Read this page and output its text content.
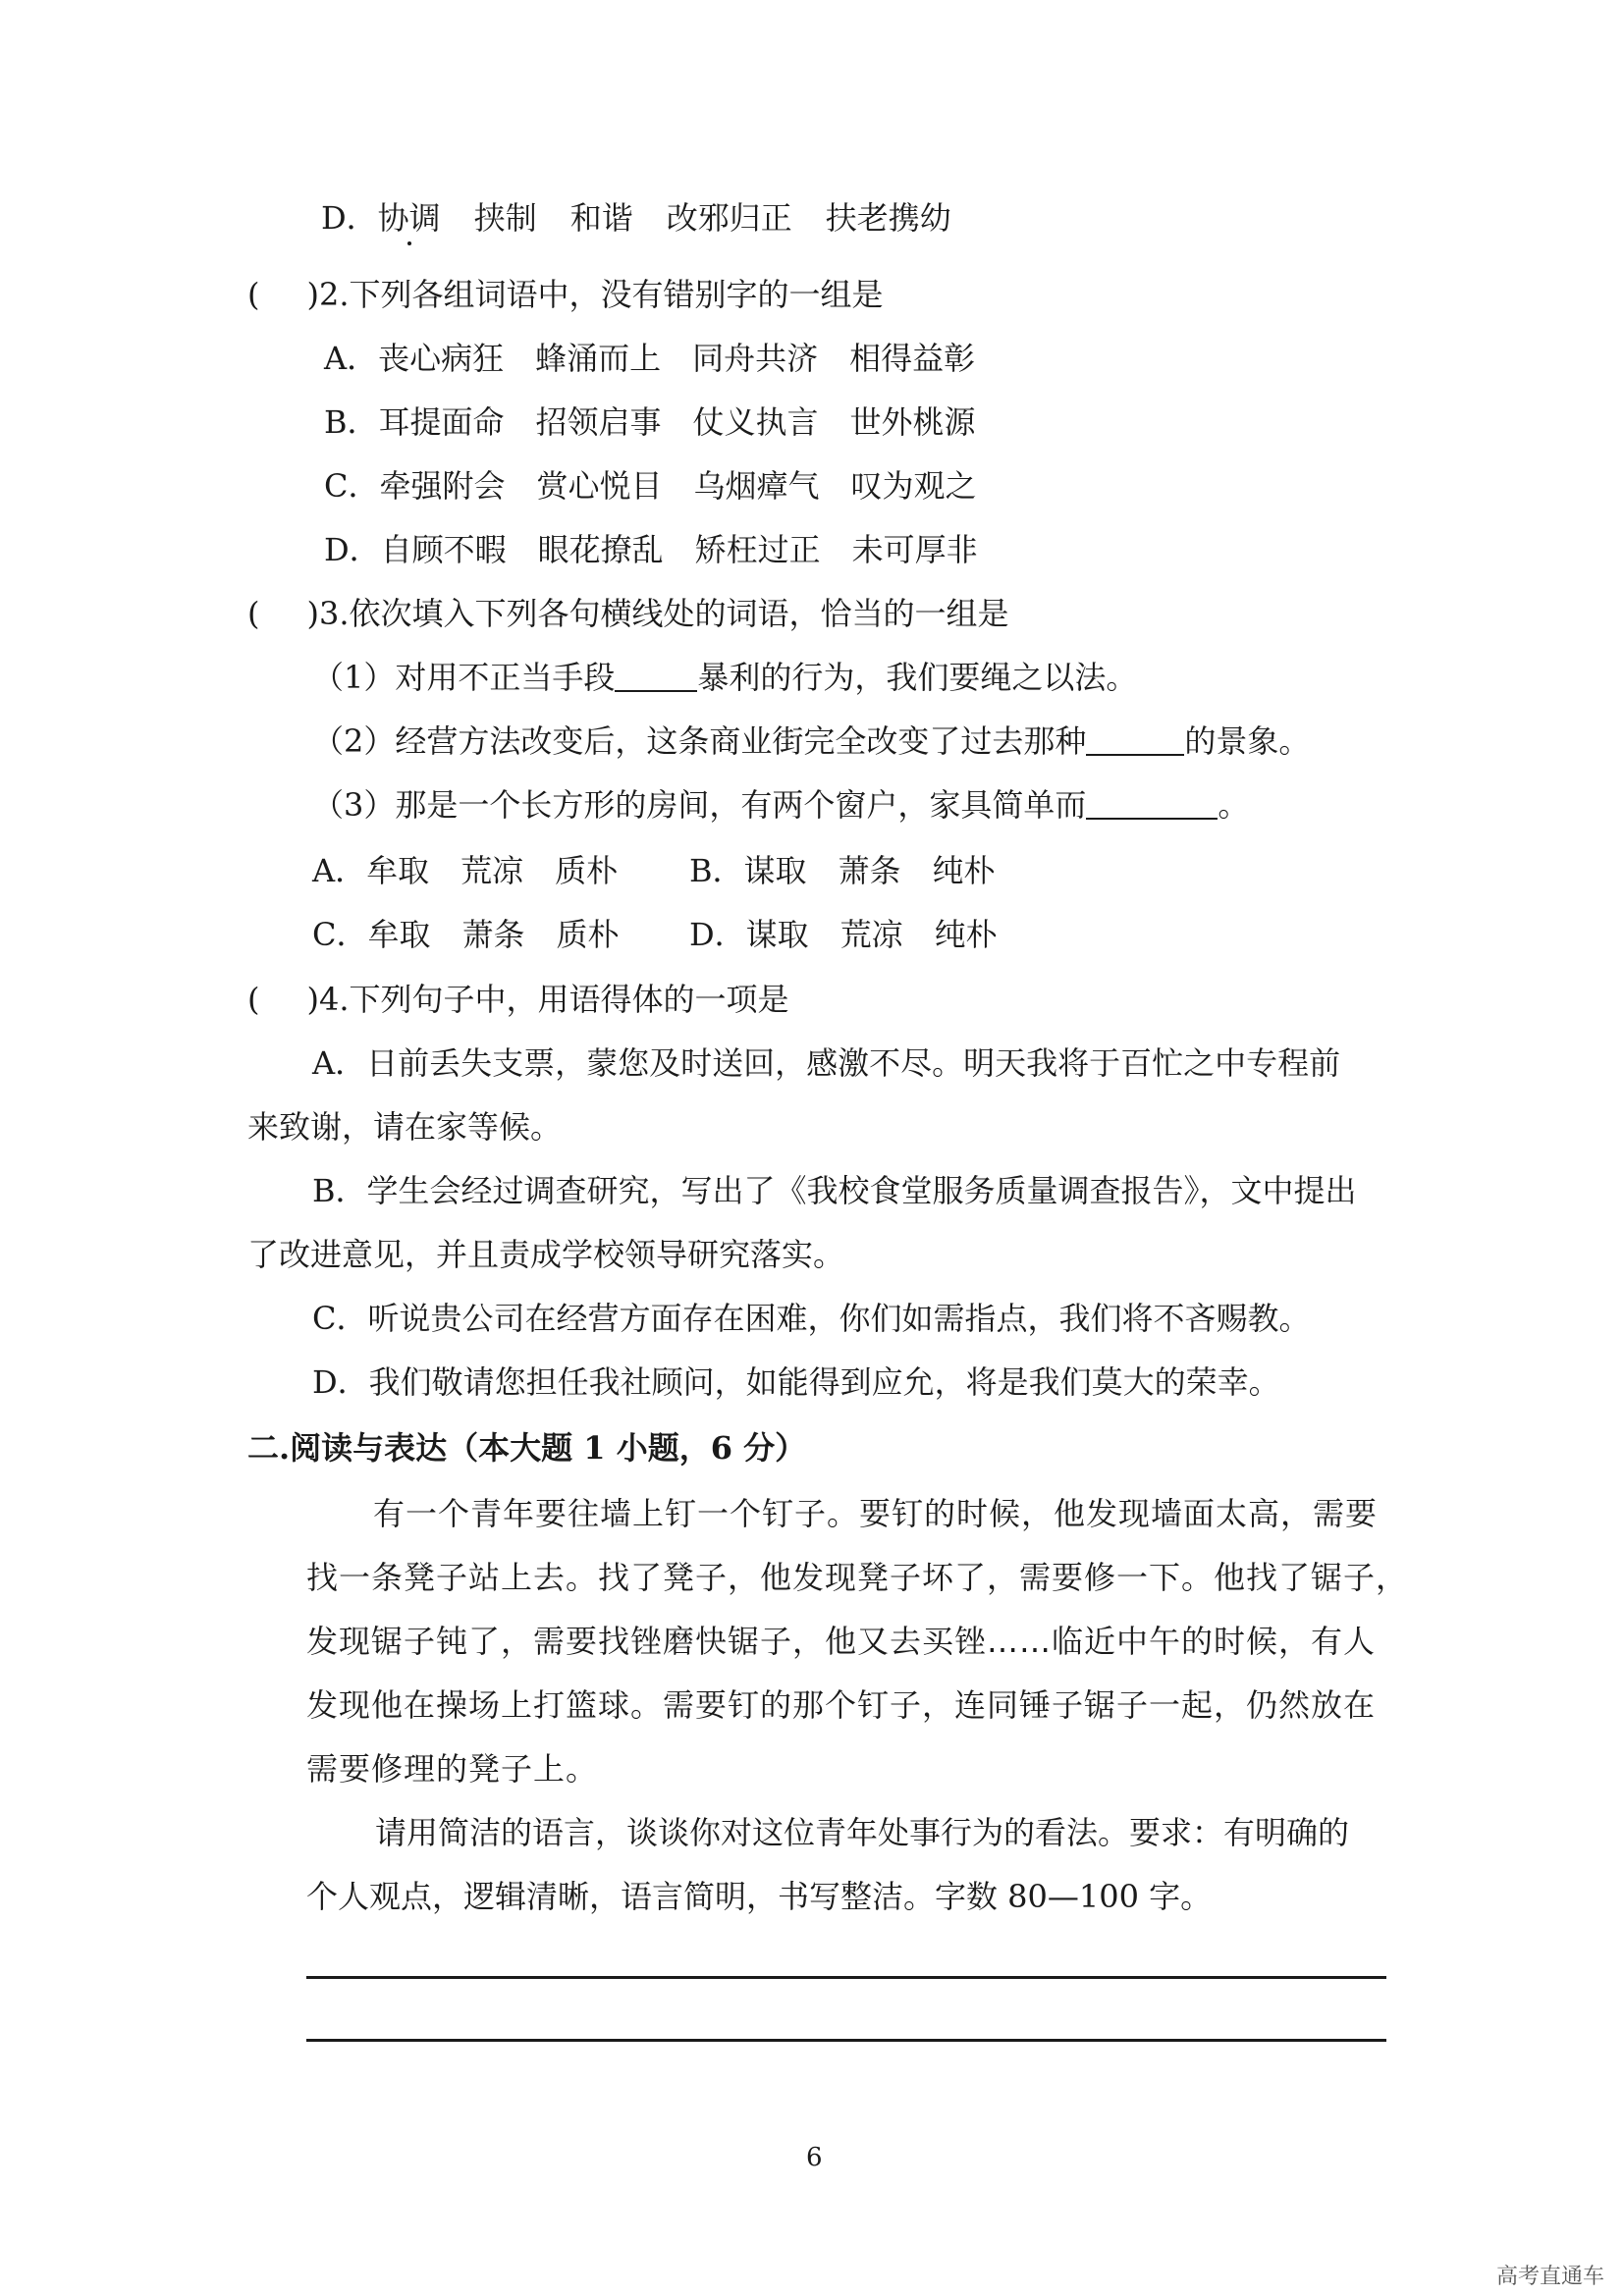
D．协调 挟制 和谐 改邪归正 扶老携幼
( )2.下列各组词语中，没有错别字的一组是
A．丧心病狂　蜂涌而上　同舟共济　相得益彰
B．耳提面命　招领启事　仗义执言　世外桃源
C．牵强附会　赏心悦目　乌烟瘴气　叹为观之
D．自顾不暇　眼花撩乱　矫枉过正　未可厚非
( )3.依次填入下列各句横线处的词语，恰当的一组是
（1）对用不正当手段	暴利的行为，我们要绳之以法。
（2）经营方法改变后，这条商业街完全改变了过去那种	的景象。
（3）那是一个长方形的房间，有两个窗户，家具简单而	。
A．牟取　荒凉　质朴 B．谋取　萧条　纯朴
C．牟取　萧条　质朴 D．谋取　荒凉　纯朴
( )4.下列句子中，用语得体的一项是
A．日前丢失支票，蒙您及时送回，感激不尽。明天我将于百忙之中专程前
来致谢，请在家等候。
B．学生会经过调查研究，写出了《我校食堂服务质量调查报告》，文中提出
了改进意见，并且责成学校领导研究落实。
C．听说贵公司在经营方面存在困难，你们如需指点，我们将不吝赐教。
D．我们敬请您担任我社顾问，如能得到应允，将是我们莫大的荣幸。
二.阅读与表达（本大题 1 小题，6 分）
有一个青年要往墙上钉一个钉子。要钉的时候，他发现墙面太高，需要
找一条凳子站上去。找了凳子，他发现凳子坏了，需要修一下。他找了锯子，
发现锯子钝了，需要找锉磨快锯子，他又去买锉……临近中午的时候，有人
发现他在操场上打篮球。需要钉的那个钉子，连同锤子锯子一起，仍然放在
需要修理的凳子上。
请用简洁的语言，谈谈你对这位青年处事行为的看法。要求：有明确的
个人观点，逻辑清晰，语言简明，书写整洁。字数 80—100 字。
6
高考直通车
